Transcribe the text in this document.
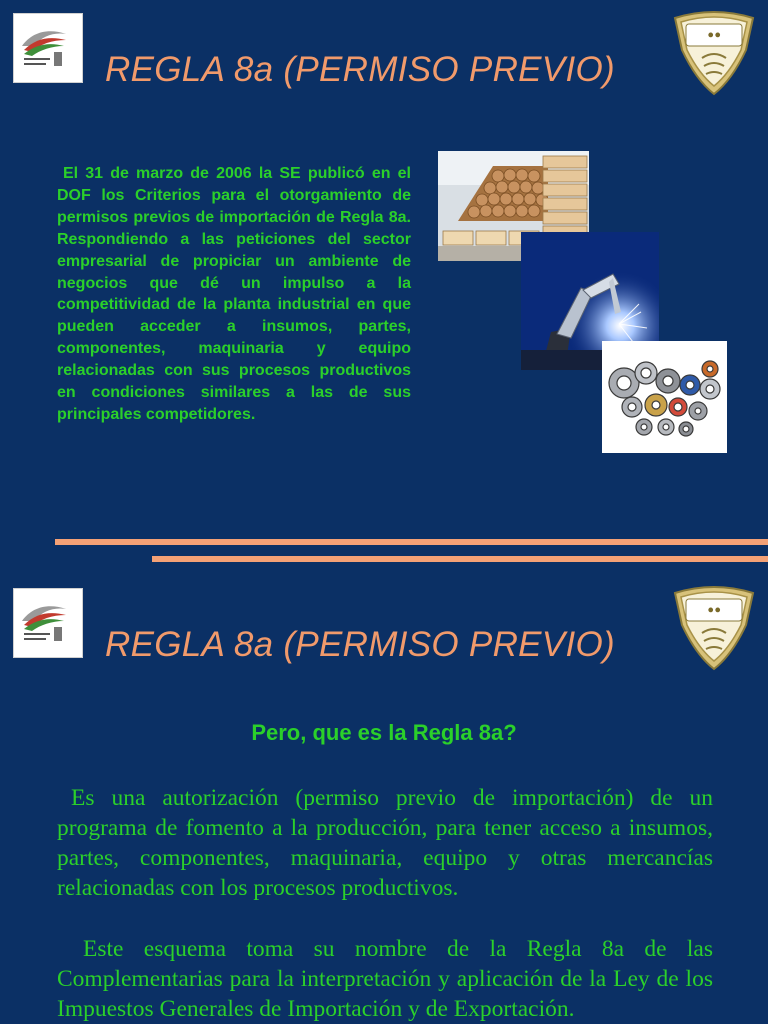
REGLA 8a (PERMISO PREVIO)
••
El 31 de marzo de 2006 la SE publicó en el DOF los Criterios para el otorgamiento de permisos previos de importación de Regla 8a. Respondiendo a las peticiones del sector empresarial de propiciar un ambiente de negocios que dé un impulso a la competitividad de la planta industrial en que pueden acceder a insumos, partes, componentes, maquinaria y equipo relacionadas con sus procesos productivos en condiciones similares a las de sus principales competidores.
REGLA 8a (PERMISO PREVIO)
••
Pero, que es la Regla 8a?
Es una autorización (permiso previo de importación) de un programa de fomento a la producción, para tener acceso a insumos, partes, componentes, maquinaria, equipo y otras mercancías relacionadas con los procesos productivos.
Este esquema toma su nombre de la Regla 8a de las Complementarias para la interpretación y aplicación de la Ley de los Impuestos Generales de Importación y de Exportación.
